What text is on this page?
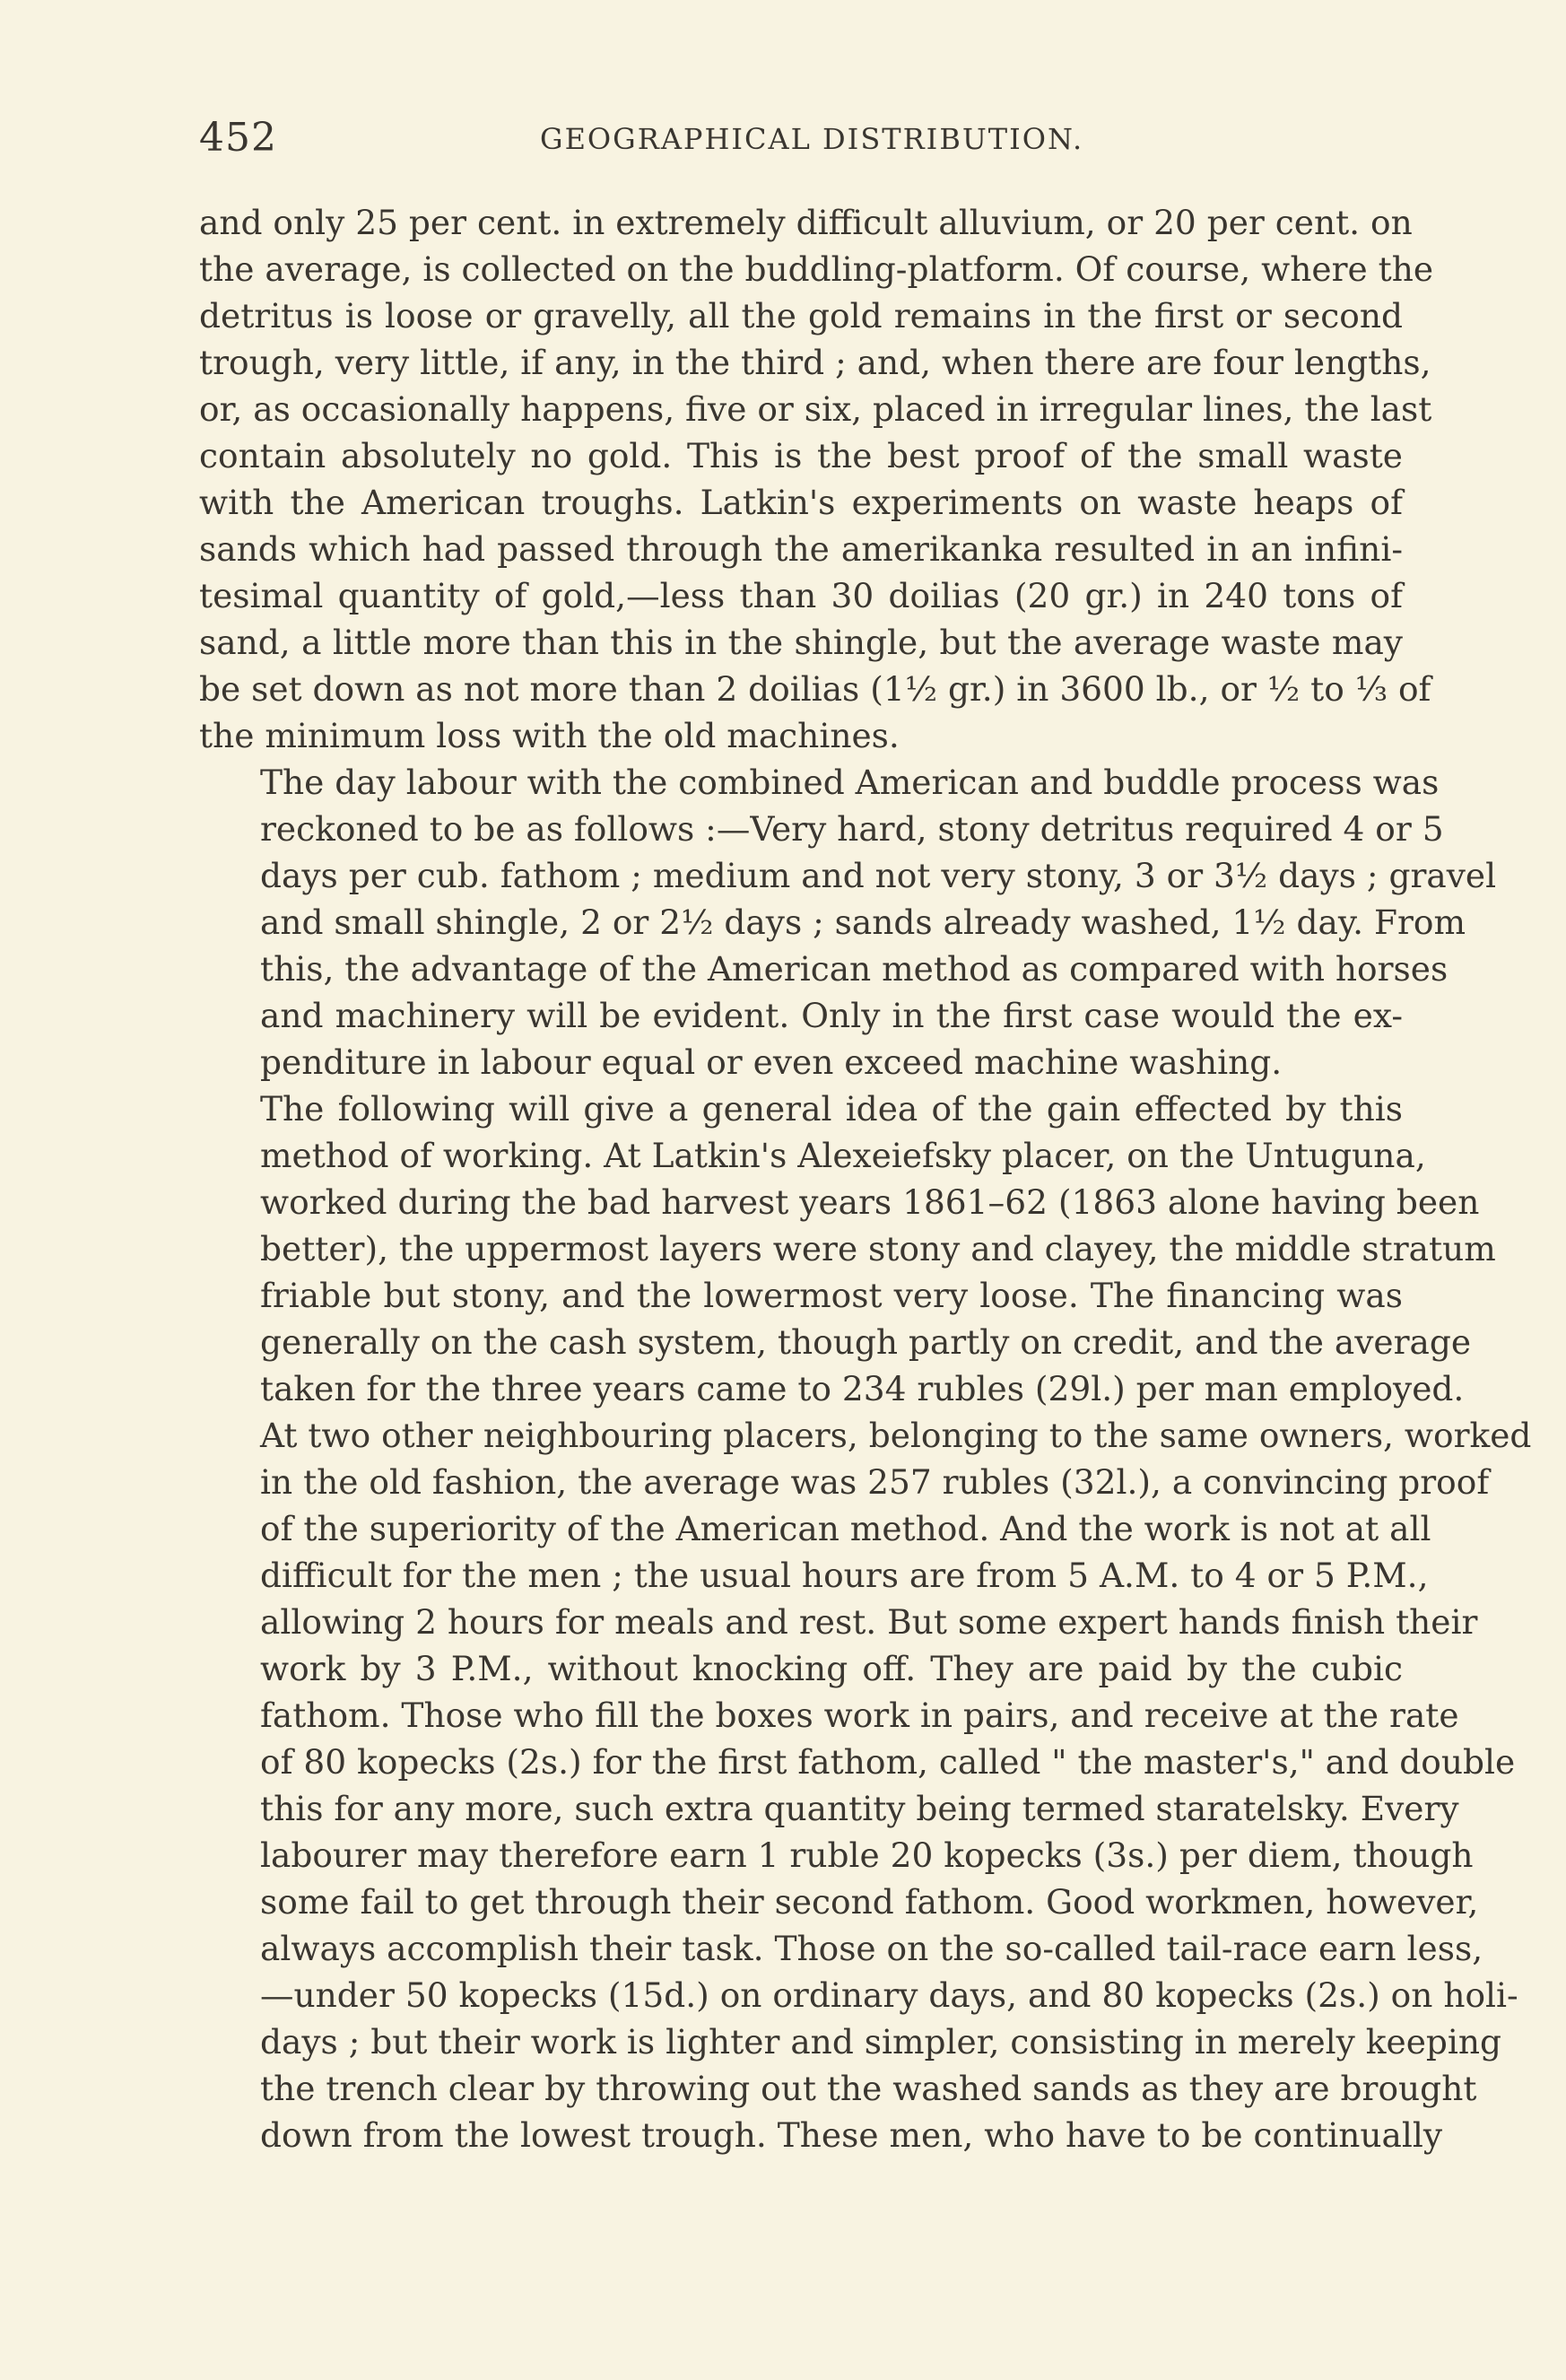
452	GEOGRAPHICAL DISTRIBUTION.

and only 25 per cent. in extremely difficult alluvium, or 20 per cent. on
the average, is collected on the buddling-platform. Of course, where the
detritus is loose or gravelly, all the gold remains in the first or second
trough, very little, if any, in the third ; and, when there are four lengths,
or, as occasionally happens, five or six, placed in irregular lines, the last
contain absolutely no gold. This is the best proof of the small waste
with the American troughs. Latkin's experiments on waste heaps of
sands which had passed through the amerikanka resulted in an infini-
tesimal quantity of gold,—less than 30 doilias (20 gr.) in 240 tons of
sand, a little more than this in the shingle, but the average waste may
be set down as not more than 2 doilias (1½ gr.) in 3600 lb., or ½ to ⅓ of
the minimum loss with the old machines.

The day labour with the combined American and buddle process was
reckoned to be as follows :—Very hard, stony detritus required 4 or 5
days per cub. fathom ; medium and not very stony, 3 or 3½ days ; gravel
and small shingle, 2 or 2½ days ; sands already washed, 1½ day. From
this, the advantage of the American method as compared with horses
and machinery will be evident. Only in the first case would the ex-
penditure in labour equal or even exceed machine washing.

The following will give a general idea of the gain effected by this
method of working. At Latkin's Alexeiefsky placer, on the Untuguna,
worked during the bad harvest years 1861–62 (1863 alone having been
better), the uppermost layers were stony and clayey, the middle stratum
friable but stony, and the lowermost very loose. The financing was
generally on the cash system, though partly on credit, and the average
taken for the three years came to 234 rubles (29l.) per man employed.
At two other neighbouring placers, belonging to the same owners, worked
in the old fashion, the average was 257 rubles (32l.), a convincing proof
of the superiority of the American method. And the work is not at all
difficult for the men ; the usual hours are from 5 A.M. to 4 or 5 P.M.,
allowing 2 hours for meals and rest. But some expert hands finish their
work by 3 P.M., without knocking off. They are paid by the cubic
fathom. Those who fill the boxes work in pairs, and receive at the rate
of 80 kopecks (2s.) for the first fathom, called " the master's," and double
this for any more, such extra quantity being termed staratelsky. Every
labourer may therefore earn 1 ruble 20 kopecks (3s.) per diem, though
some fail to get through their second fathom. Good workmen, however,
always accomplish their task. Those on the so-called tail-race earn less,
—under 50 kopecks (15d.) on ordinary days, and 80 kopecks (2s.) on holi-
days ; but their work is lighter and simpler, consisting in merely keeping
the trench clear by throwing out the washed sands as they are brought
down from the lowest trough. These men, who have to be continually
